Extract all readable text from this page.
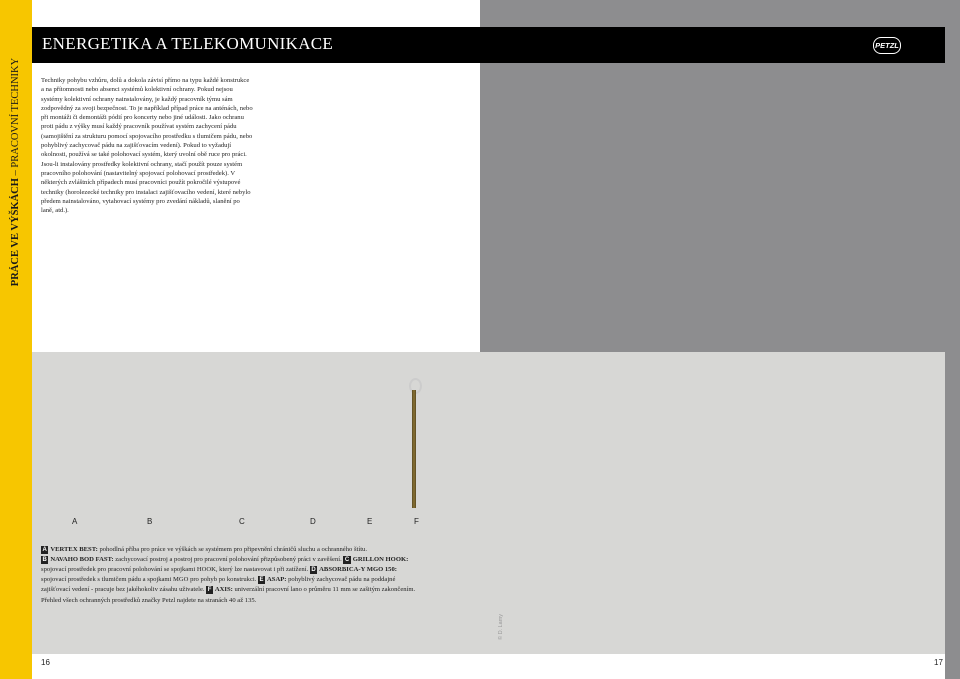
PRÁCE VE VÝŠKÁCH – PRACOVNÍ TECHNIKY
ENERGETIKA A TELEKOMUNIKACE	PETZL
Techniky pohybu vzhůru, dolů a dokola závisí přímo na typu každé konstrukce a na přítomnosti nebo absenci systémů kolektivní ochrany. Pokud nejsou systémy kolektivní ochrany nainstalovány, je každý pracovník týmu sám zodpovědný za svoji bezpečnost. To je například případ práce na anténách, nebo při montáži či demontáži pódií pro koncerty nebo jiné události. Jako ochranu proti pádu z výšky musí každý pracovník používat systém zachycení pádu (samojištění za strukturu pomocí spojovacího prostředku s tlumičem pádu, nebo pohyblivý zachycovač pádu na zajišťovacím vedení). Pokud to vyžadují okolnosti, používá se také polohovací systém, který uvolní obě ruce pro práci. Jsou-li instalovány prostředky kolektivní ochrany, stačí použít pouze systém pracovního polohování (nastavitelný spojovací polohovací prostředek). V některých zvláštních případech musí pracovníci použít pokročilé výstupové techniky (horolezecké techniky pro instalaci zajišťovacího vedení, které nebylo předem nainstalováno, vytahovací systémy pro zvedání nákladů, slanění po laně, atd.).
A	B	C	D	E	F
A VERTEX BEST: pohodlná příba pro práce ve výškách se systémem pro připevnění chráničů sluchu a ochranného štítu.
B NAVAHO BOD FAST: zachycovací postroj a postroj pro pracovní polohování přizpůsobený práci v zavěšení. C GRILLON HOOK: spojovací prostředek pro pracovní polohování se spojkami HOOK, který lze nastavovat i při zatížení. D ABSORBICA-Y MGO 150: spojovací prostředek s tlumičem pádu a spojkami MGO pro pohyb po konstrukci. E ASAP: pohyblivý zachycovač pádu na poddajné zajišťovací vedení - pracuje bez jakéhokoliv zásahu uživatele. F AXIS: univerzální pracovní lano o průměru 11 mm se zašitým zakončením.
Přehled všech ochranných prostředků značky Petzl najdete na stranách 40 až 135.
© D. Lamy
16	17
